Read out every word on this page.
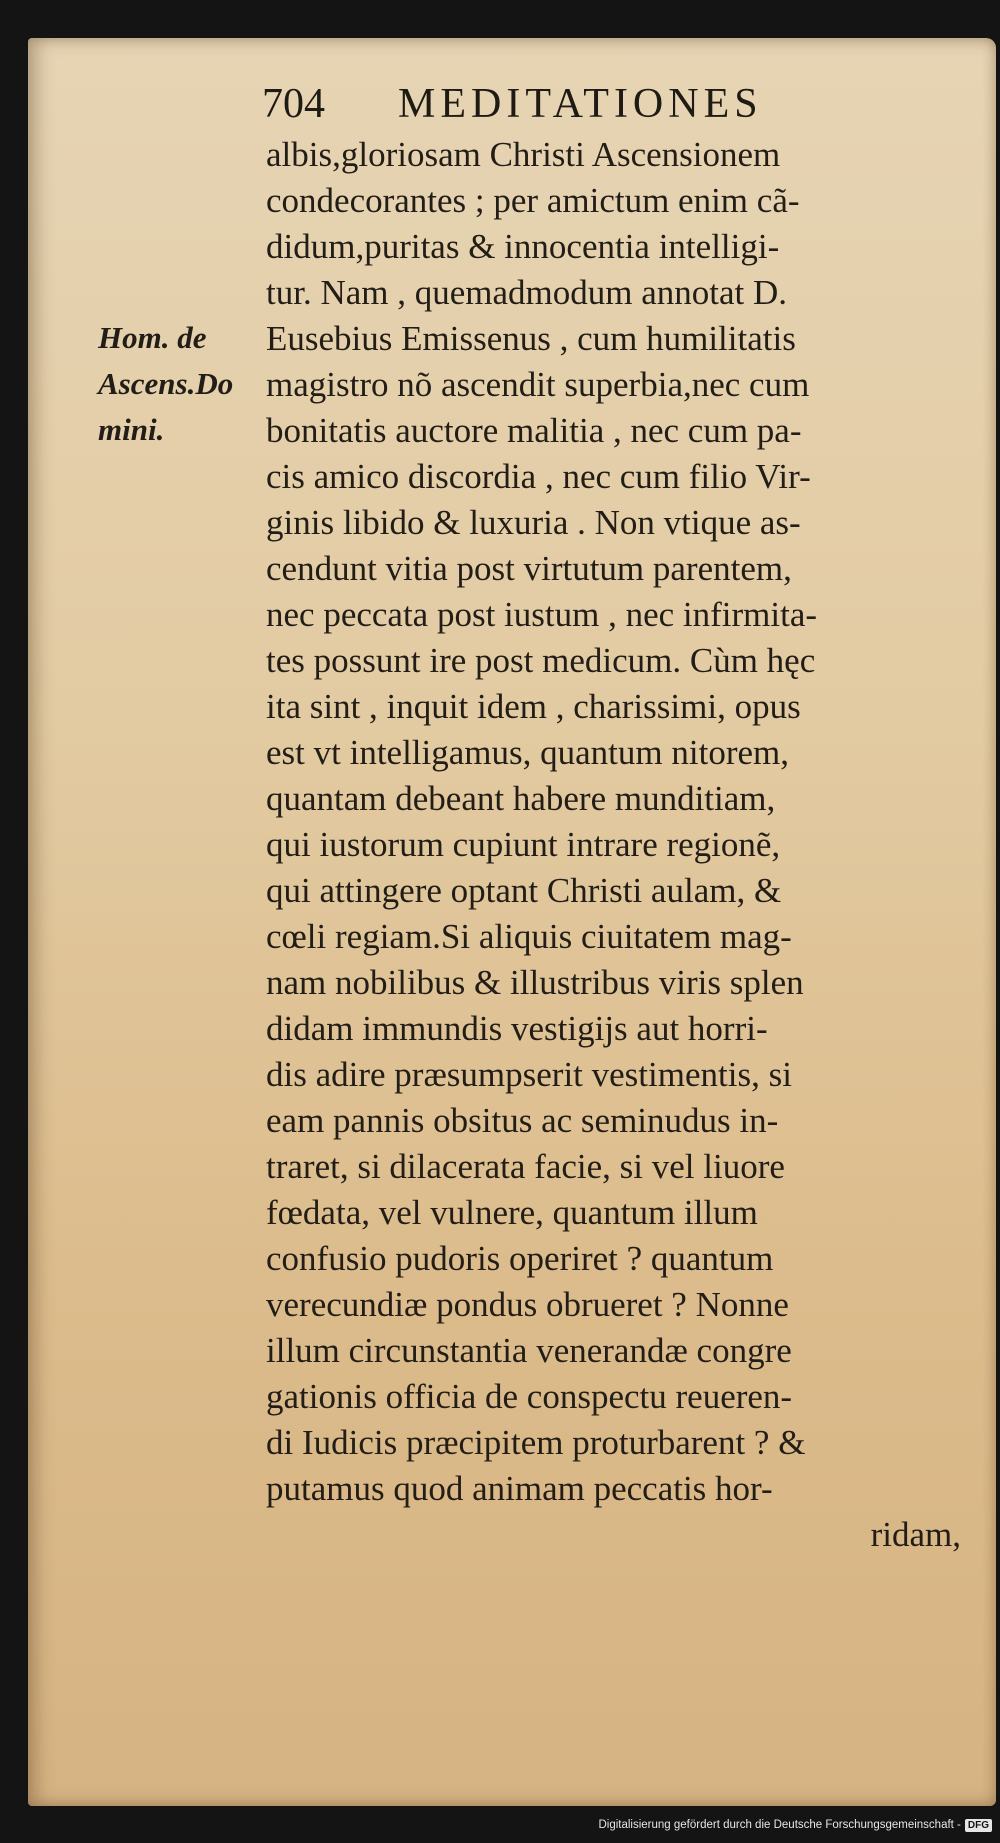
704 MEDITATIONES
Hom. de
Ascens.Do
mini.
albis,gloriosam Christi Ascensionem
condecorantes ; per amictum enim cã-
didum,puritas & innocentia intelligi-
tur. Nam , quemadmodum annotat D.
Eusebius Emissenus , cum humilitatis
magistro nõ ascendit superbia,nec cum
bonitatis auctore malitia , nec cum pa-
cis amico discordia , nec cum filio Vir-
ginis libido & luxuria . Non vtique as-
cendunt vitia post virtutum parentem,
nec peccata post iustum , nec infirmita-
tes possunt ire post medicum. Cùm hęc
ita sint , inquit idem , charissimi, opus
est vt intelligamus, quantum nitorem,
quantam debeant habere munditiam,
qui iustorum cupiunt intrare regionẽ,
qui attingere optant Christi aulam, &
cœli regiam.Si aliquis ciuitatem mag-
nam nobilibus & illustribus viris splen
didam immundis vestigijs aut horri-
dis adire præsumpserit vestimentis, si
eam pannis obsitus ac seminudus in-
traret, si dilacerata facie, si vel liuore
fœdata, vel vulnere, quantum illum
confusio pudoris operiret ? quantum
verecundiæ pondus obrueret ? Nonne
illum circunstantia venerandæ congre
gationis officia de conspectu reueren-
di Iudicis præcipitem proturbarent ? &
putamus quod animam peccatis hor-
ridam,
Digitalisierung gefördert durch die Deutsche Forschungsgemeinschaft - DFG
